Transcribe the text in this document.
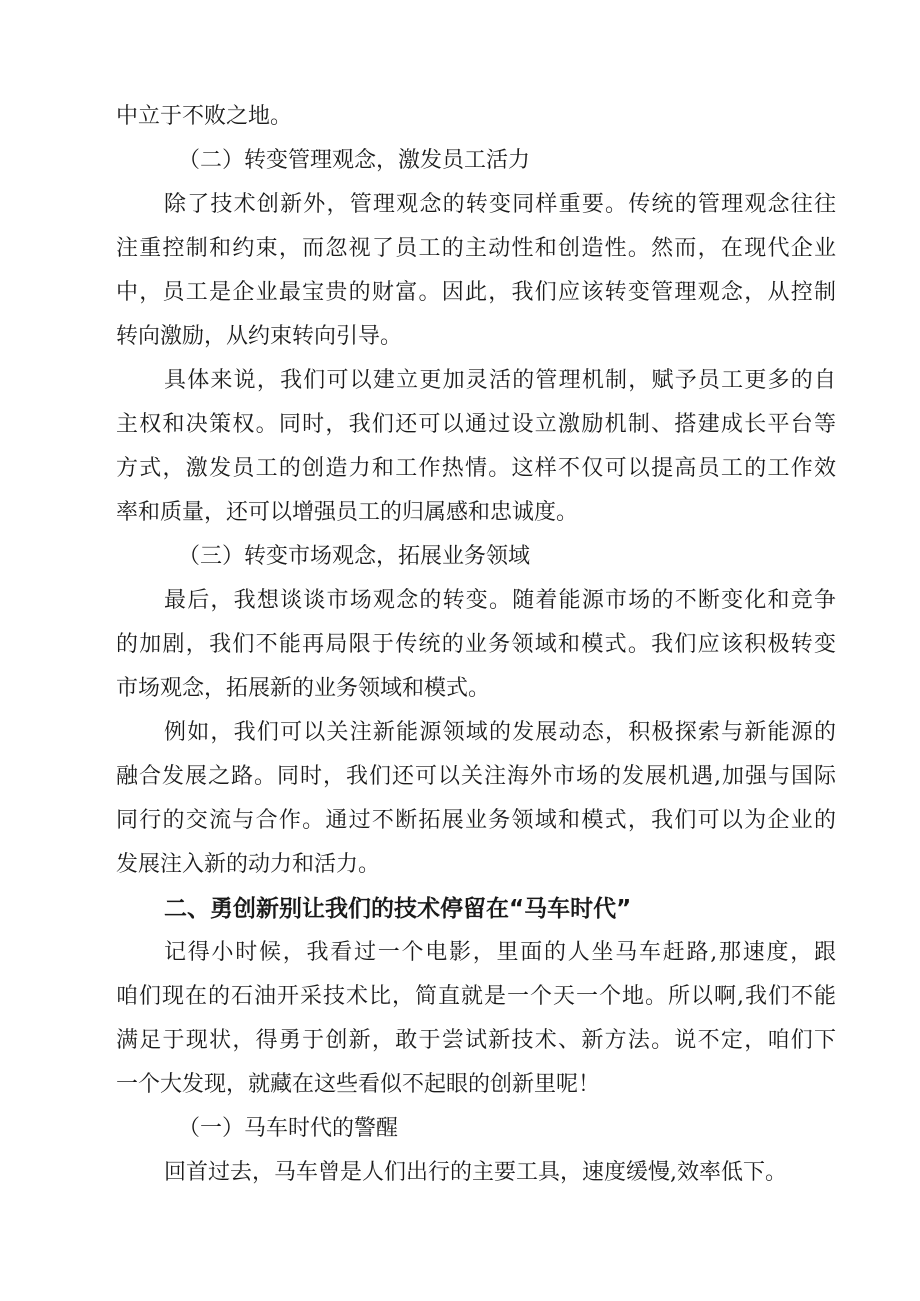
中立于不败之地。
（二）转变管理观念，激发员工活力
除了技术创新外，管理观念的转变同样重要。传统的管理观念往往
注重控制和约束，而忽视了员工的主动性和创造性。然而，在现代企业
中，员工是企业最宝贵的财富。因此，我们应该转变管理观念，从控制
转向激励，从约束转向引导。
具体来说，我们可以建立更加灵活的管理机制，赋予员工更多的自
主权和决策权。同时，我们还可以通过设立激励机制、搭建成长平台等
方式，激发员工的创造力和工作热情。这样不仅可以提高员工的工作效
率和质量，还可以增强员工的归属感和忠诚度。
（三）转变市场观念，拓展业务领域
最后，我想谈谈市场观念的转变。随着能源市场的不断变化和竞争
的加剧，我们不能再局限于传统的业务领域和模式。我们应该积极转变
市场观念，拓展新的业务领域和模式。
例如，我们可以关注新能源领域的发展动态，积极探索与新能源的
融合发展之路。同时，我们还可以关注海外市场的发展机遇,加强与国际
同行的交流与合作。通过不断拓展业务领域和模式，我们可以为企业的
发展注入新的动力和活力。
二、勇创新别让我们的技术停留在“马车时代”
记得小时候，我看过一个电影，里面的人坐马车赶路,那速度，跟
咱们现在的石油开采技术比，简直就是一个天一个地。所以啊,我们不能
满足于现状，得勇于创新，敢于尝试新技术、新方法。说不定，咱们下
一个大发现，就藏在这些看似不起眼的创新里呢！
（一）马车时代的警醒
回首过去，马车曾是人们出行的主要工具，速度缓慢,效率低下。
